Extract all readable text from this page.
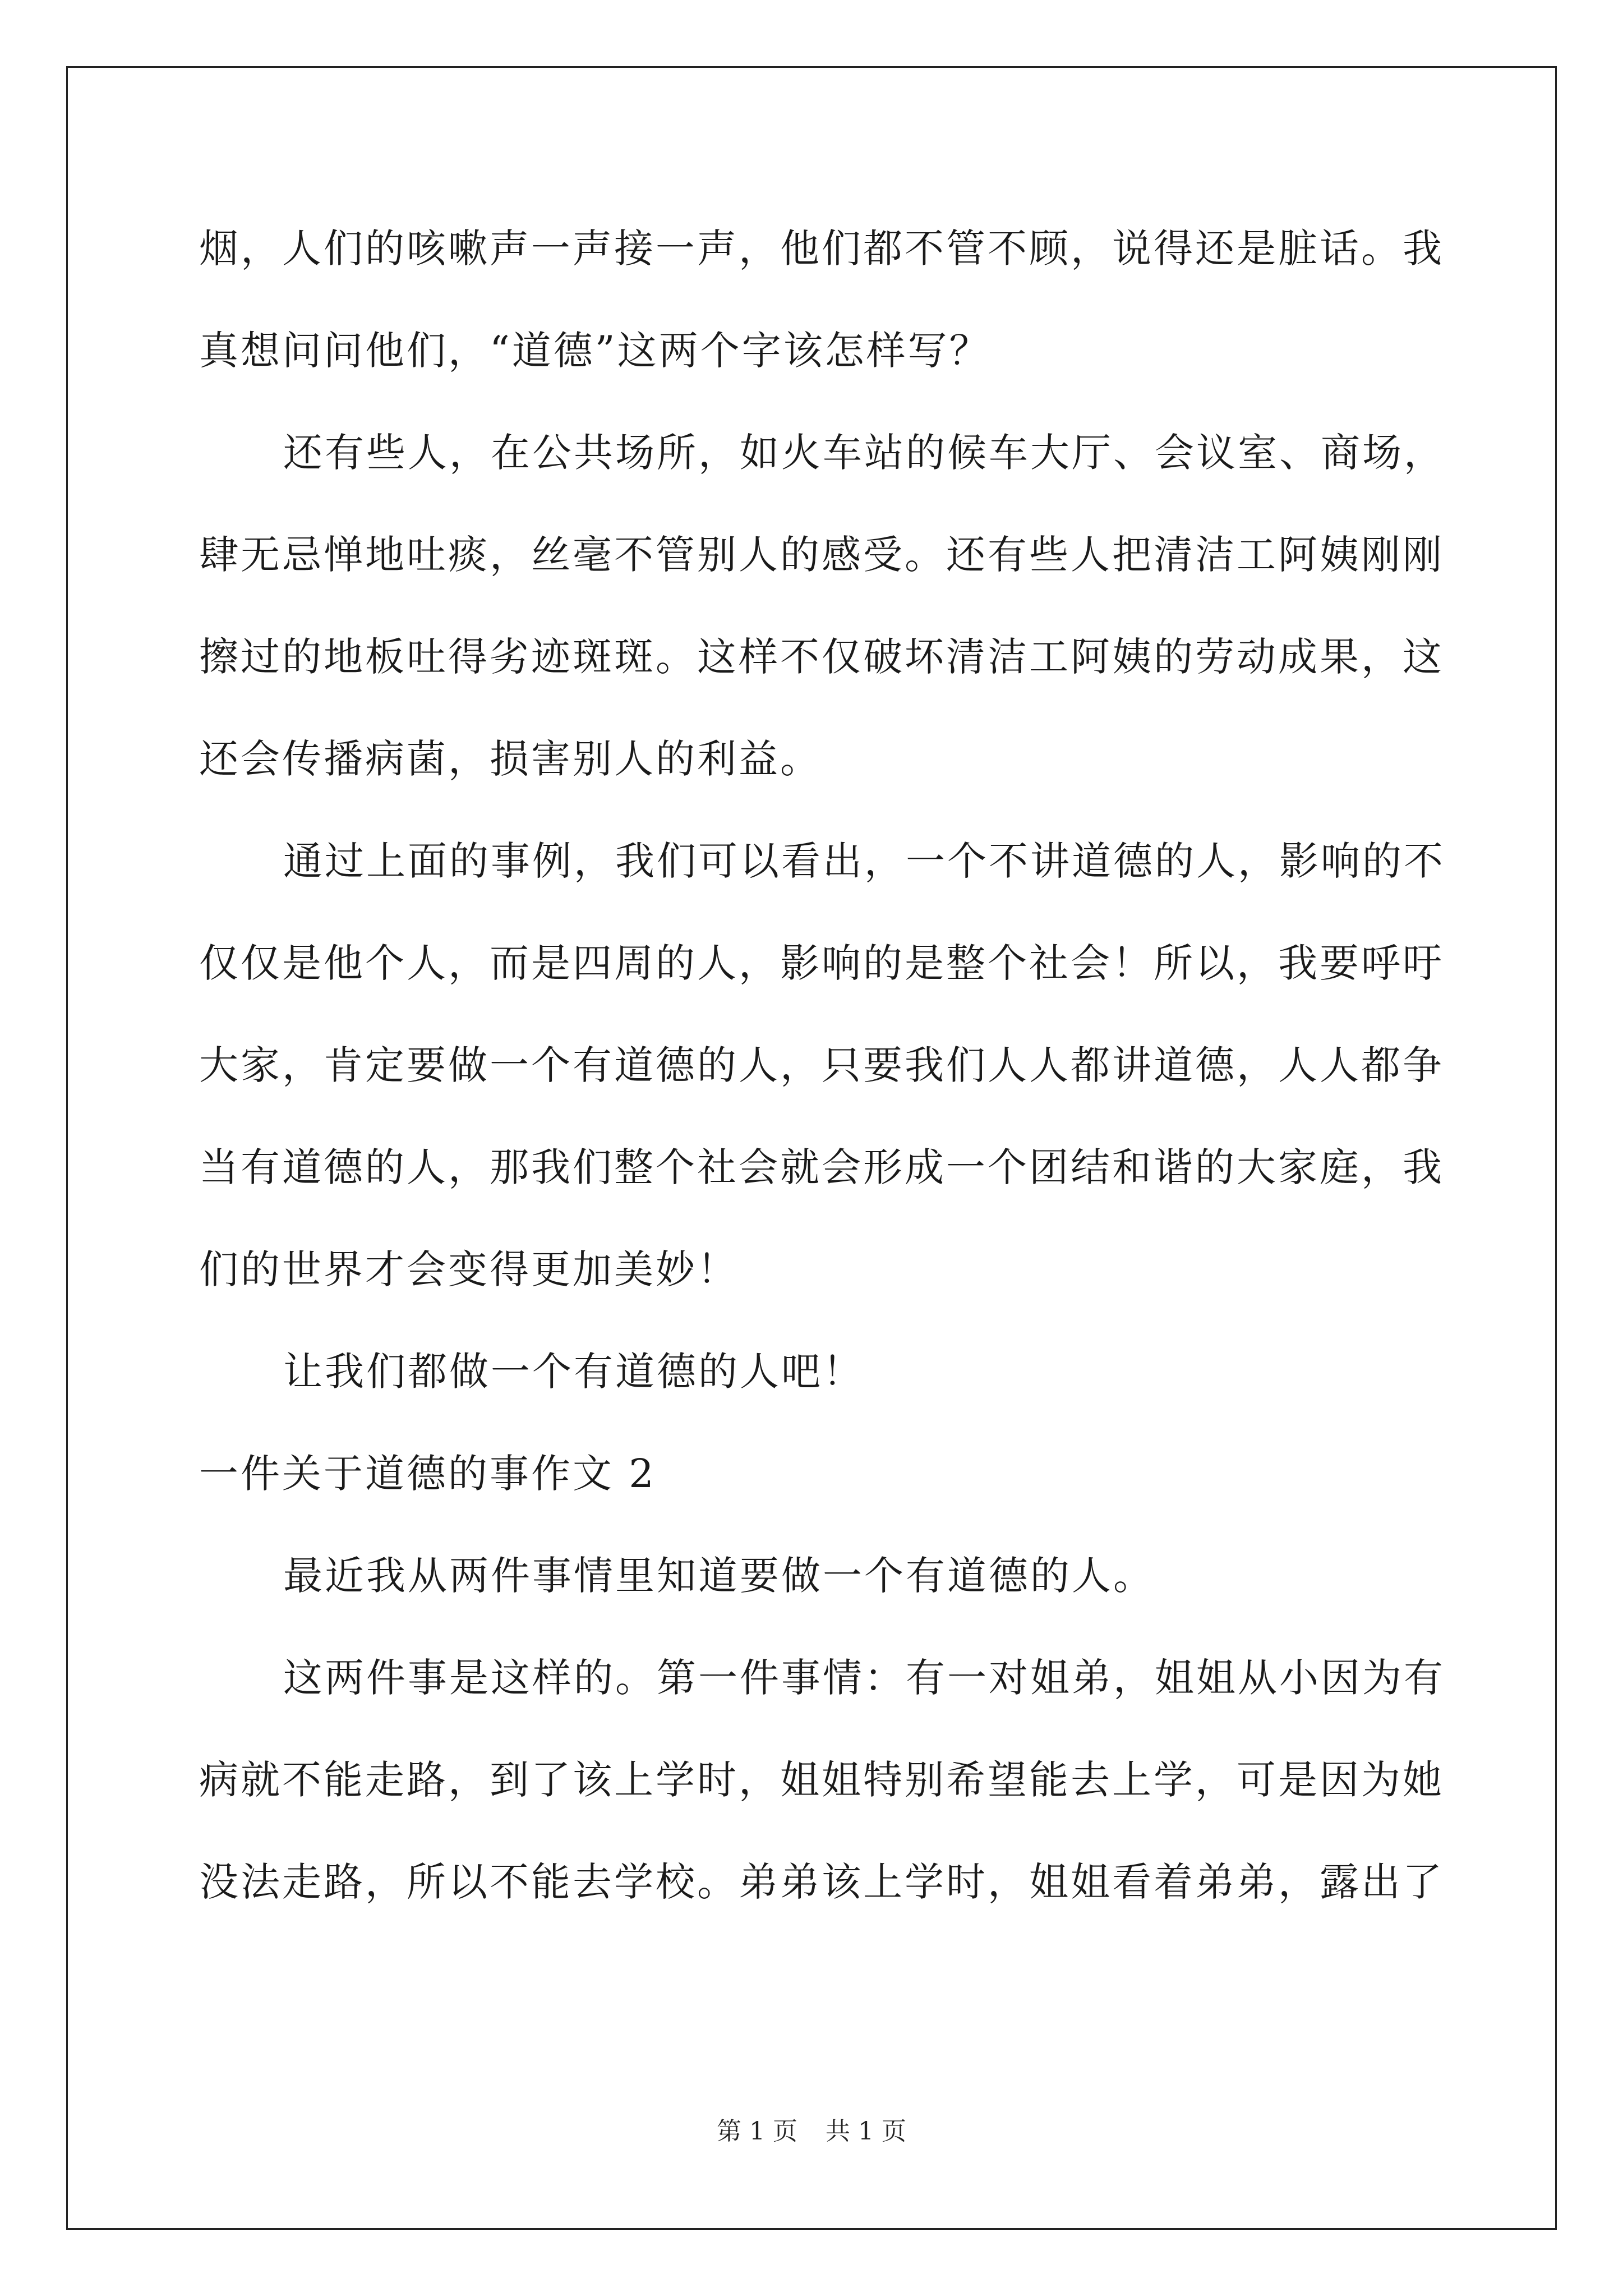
烟，人们的咳嗽声一声接一声，他们都不管不顾，说得还是脏话。我
真想问问他们，“道德”这两个字该怎样写？
还有些人，在公共场所，如火车站的候车大厅、会议室、商场，
肆无忌惮地吐痰，丝毫不管别人的感受。还有些人把清洁工阿姨刚刚
擦过的地板吐得劣迹斑斑。这样不仅破坏清洁工阿姨的劳动成果，这
还会传播病菌，损害别人的利益。
通过上面的事例，我们可以看出，一个不讲道德的人，影响的不
仅仅是他个人，而是四周的人，影响的是整个社会！所以，我要呼吁
大家，肯定要做一个有道德的人，只要我们人人都讲道德，人人都争
当有道德的人，那我们整个社会就会形成一个团结和谐的大家庭，我
们的世界才会变得更加美妙！
让我们都做一个有道德的人吧！
一件关于道德的事作文 2
最近我从两件事情里知道要做一个有道德的人。
这两件事是这样的。第一件事情：有一对姐弟，姐姐从小因为有
病就不能走路，到了该上学时，姐姐特别希望能去上学，可是因为她
没法走路，所以不能去学校。弟弟该上学时，姐姐看着弟弟，露出了
第 1 页 共 1 页
